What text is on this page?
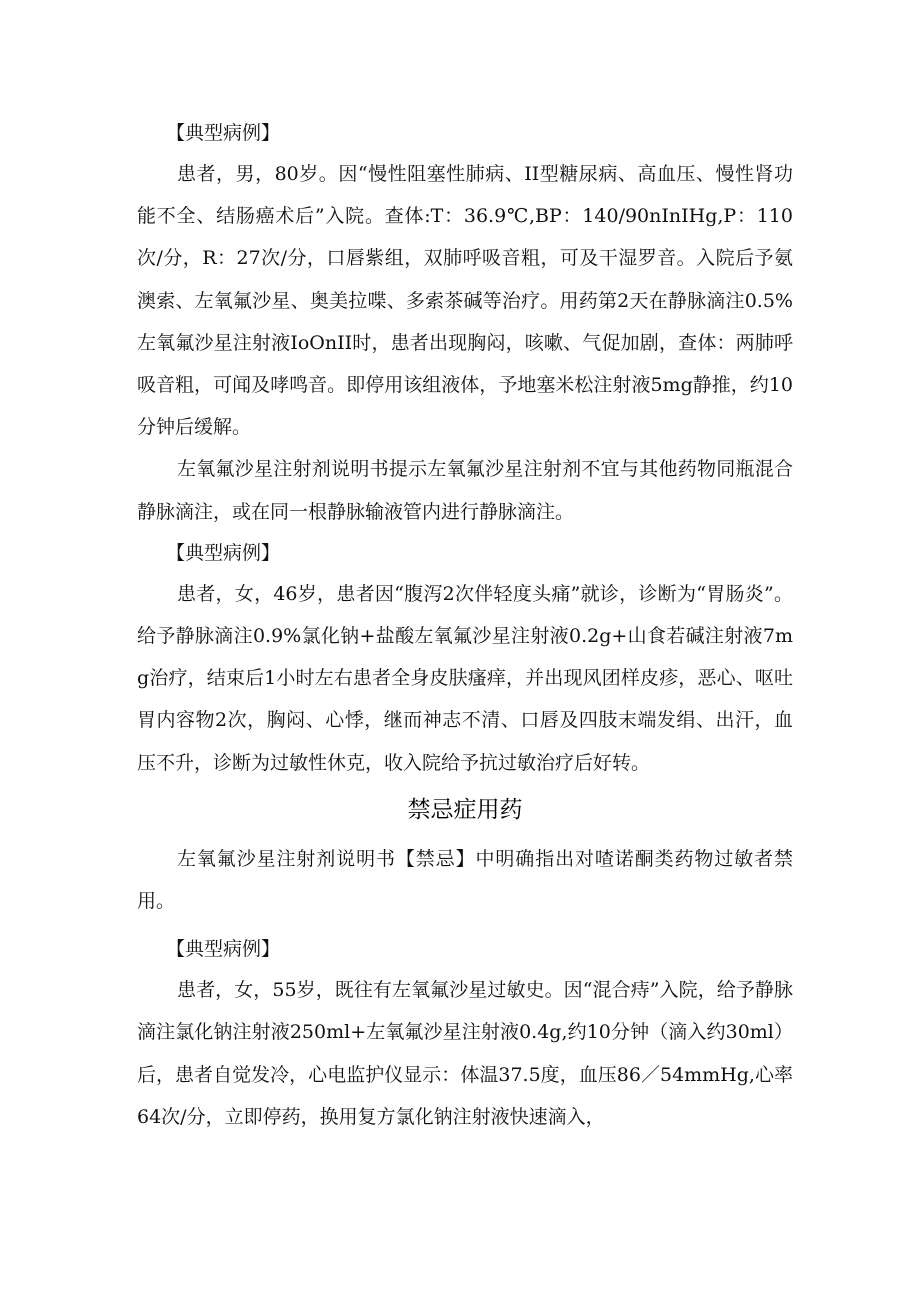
【典型病例】
患者，男，80岁。因“慢性阻塞性肺病、II型糖尿病、高血压、慢性肾功能不全、结肠癌术后”入院。查体:T：36.9℃,BP：140/90nInIHg,P：110次/分，R：27次/分，口唇紫组，双肺呼吸音粗，可及干湿罗音。入院后予氨澳索、左氧氟沙星、奥美拉喋、多索茶碱等治疗。用药第2天在静脉滴注0.5%左氧氟沙星注射液IoOnII时，患者出现胸闷，咳嗽、气促加剧，查体：两肺呼吸音粗，可闻及哮鸣音。即停用该组液体，予地塞米松注射液5mg静推，约10分钟后缓解。
左氧氟沙星注射剂说明书提示左氧氟沙星注射剂不宜与其他药物同瓶混合静脉滴注，或在同一根静脉输液管内进行静脉滴注。
【典型病例】
患者，女，46岁，患者因“腹泻2次伴轻度头痛”就诊，诊断为“胃肠炎”。给予静脉滴注0.9%氯化钠+盐酸左氧氟沙星注射液0.2g+山食若碱注射液7mg治疗，结束后1小时左右患者全身皮肤瘙痒，并出现风团样皮疹，恶心、呕吐胃内容物2次，胸闷、心悸，继而神志不清、口唇及四肢末端发绢、出汗，血压不升，诊断为过敏性休克，收入院给予抗过敏治疗后好转。
禁忌症用药
左氧氟沙星注射剂说明书【禁忌】中明确指出对喳诺酮类药物过敏者禁用。
【典型病例】
患者，女，55岁，既往有左氧氟沙星过敏史。因“混合痔”入院，给予静脉滴注氯化钠注射液250ml+左氧氟沙星注射液0.4g,约10分钟（滴入约30ml）后，患者自觉发冷，心电监护仪显示：体温37.5度，血压86／54mmHg,心率64次/分，立即停药，换用复方氯化钠注射液快速滴入，
